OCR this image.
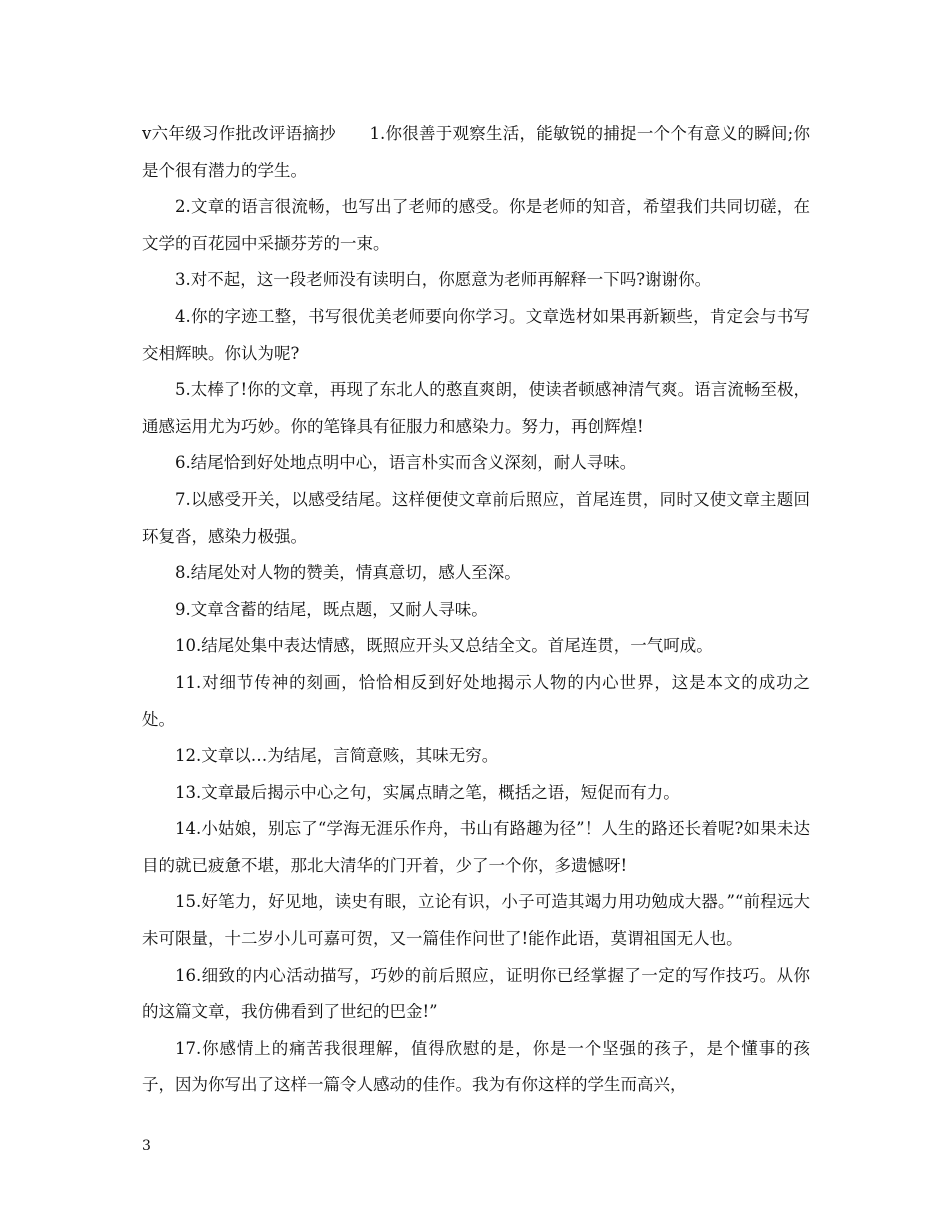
v六年级习作批改评语摘抄　　1.你很善于观察生活，能敏锐的捕捉一个个有意义的瞬间;你是个很有潜力的学生。

2.文章的语言很流畅，也写出了老师的感受。你是老师的知音，希望我们共同切磋，在文学的百花园中采撷芬芳的一束。

3.对不起，这一段老师没有读明白，你愿意为老师再解释一下吗?谢谢你。

4.你的字迹工整，书写很优美老师要向你学习。文章选材如果再新颖些，肯定会与书写交相辉映。你认为呢?

5.太棒了!你的文章，再现了东北人的憨直爽朗，使读者顿感神清气爽。语言流畅至极，通感运用尤为巧妙。你的笔锋具有征服力和感染力。努力，再创辉煌!

6.结尾恰到好处地点明中心，语言朴实而含义深刻，耐人寻味。

7.以感受开关，以感受结尾。这样便使文章前后照应，首尾连贯，同时又使文章主题回环复沓，感染力极强。

8.结尾处对人物的赞美，情真意切，感人至深。

9.文章含蓄的结尾，既点题，又耐人寻味。

10.结尾处集中表达情感，既照应开头又总结全文。首尾连贯，一气呵成。

11.对细节传神的刻画，恰恰相反到好处地揭示人物的内心世界，这是本文的成功之处。

12.文章以…为结尾，言简意赅，其味无穷。

13.文章最后揭示中心之句，实属点睛之笔，概括之语，短促而有力。

14.小姑娘，别忘了“学海无涯乐作舟，书山有路趣为径”！人生的路还长着呢?如果未达目的就已疲惫不堪，那北大清华的门开着，少了一个你，多遗憾呀!

15.好笔力，好见地，读史有眼，立论有识，小子可造其竭力用功勉成大器。”“前程远大未可限量，十二岁小儿可嘉可贺，又一篇佳作问世了!能作此语，莫谓祖国无人也。

16.细致的内心活动描写，巧妙的前后照应，证明你已经掌握了一定的写作技巧。从你的这篇文章，我仿佛看到了世纪的巴金!”

17.你感情上的痛苦我很理解，值得欣慰的是，你是一个坚强的孩子，是个懂事的孩子，因为你写出了这样一篇令人感动的佳作。我为有你这样的学生而高兴，

3
